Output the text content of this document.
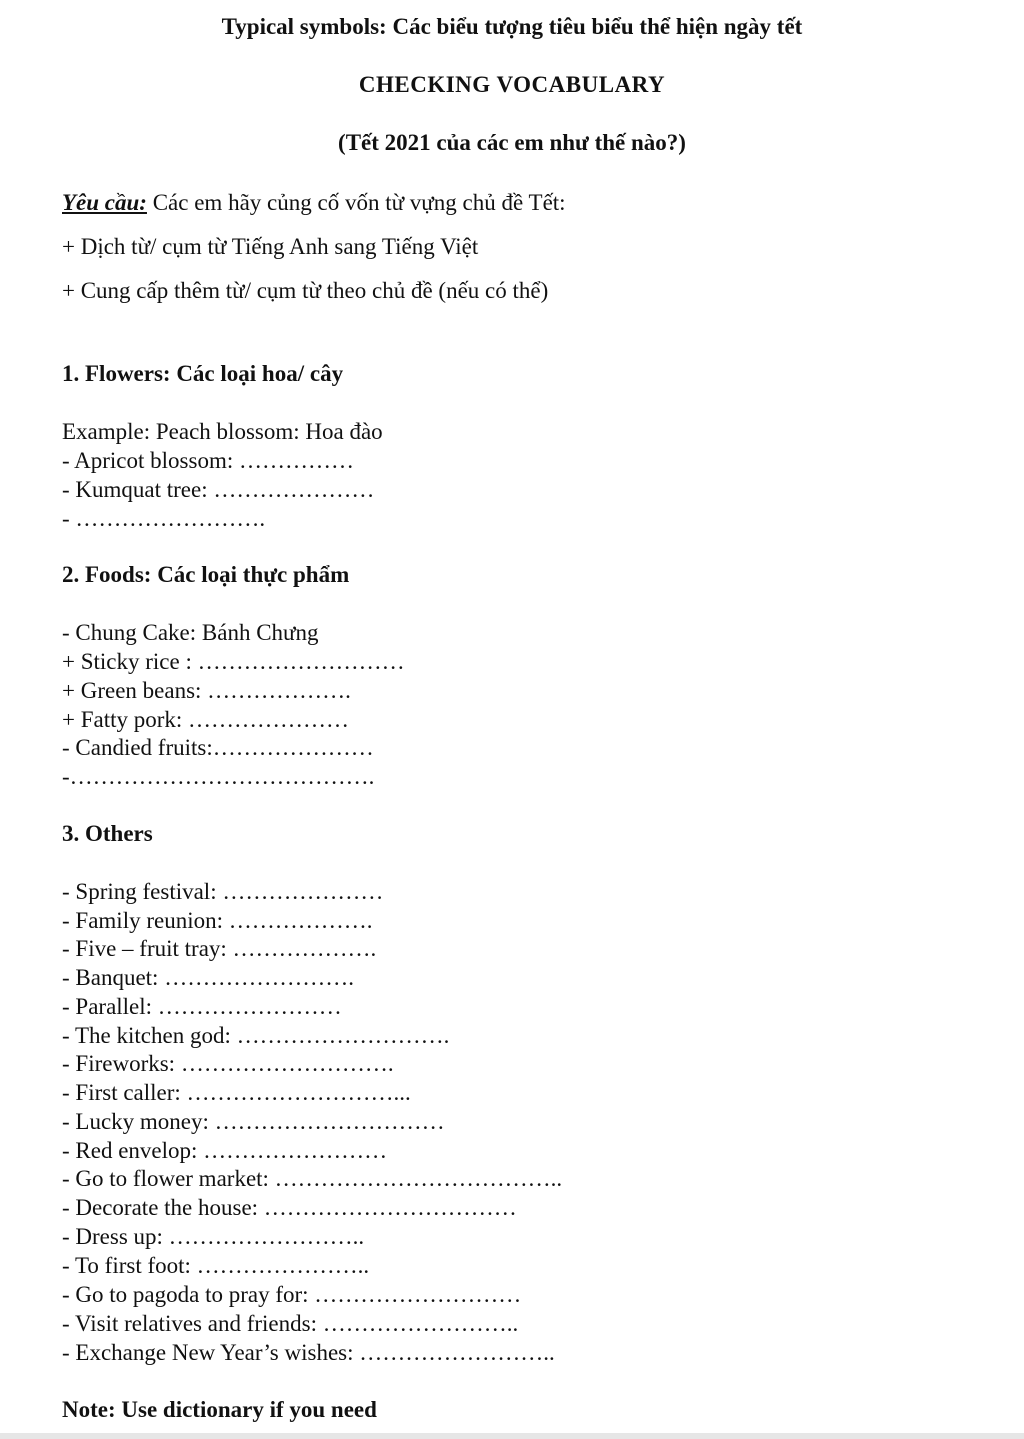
Typical symbols: Các biểu tượng tiêu biểu thể hiện ngày tết
CHECKING VOCABULARY
(Tết 2021 của các em như thế nào?)
Yêu cầu: Các em hãy củng cố vốn từ vựng chủ đề Tết:
+ Dịch từ/ cụm từ Tiếng Anh sang Tiếng Việt
+ Cung cấp thêm từ/ cụm từ theo chủ đề (nếu có thể)
1. Flowers: Các loại hoa/ cây
Example: Peach blossom: Hoa đào
- Apricot blossom: ……………
- Kumquat tree: …………………
- …………………….
2. Foods: Các loại thực phẩm
- Chung Cake: Bánh Chưng
+ Sticky rice : ………………………
+ Green beans: ……………….
+ Fatty pork: …………………
- Candied fruits:…………………
-………………………………….
3. Others
- Spring festival: …………………
- Family reunion: ……………….
- Five – fruit tray: ……………….
- Banquet: …………………….
- Parallel: ……………………
- The kitchen god: ……………………….
- Fireworks: ……………………….
- First caller: ………………………...
- Lucky money: …………………………
- Red envelop: ……………………
- Go to flower market: ………………………………..
- Decorate the house: ……………………………
- Dress up: ……………………..
- To first foot: …………………..
- Go to pagoda to pray for: ………………………
- Visit relatives and friends: ……………………..
- Exchange New Year’s wishes: ……………………..
Note: Use dictionary if you need
